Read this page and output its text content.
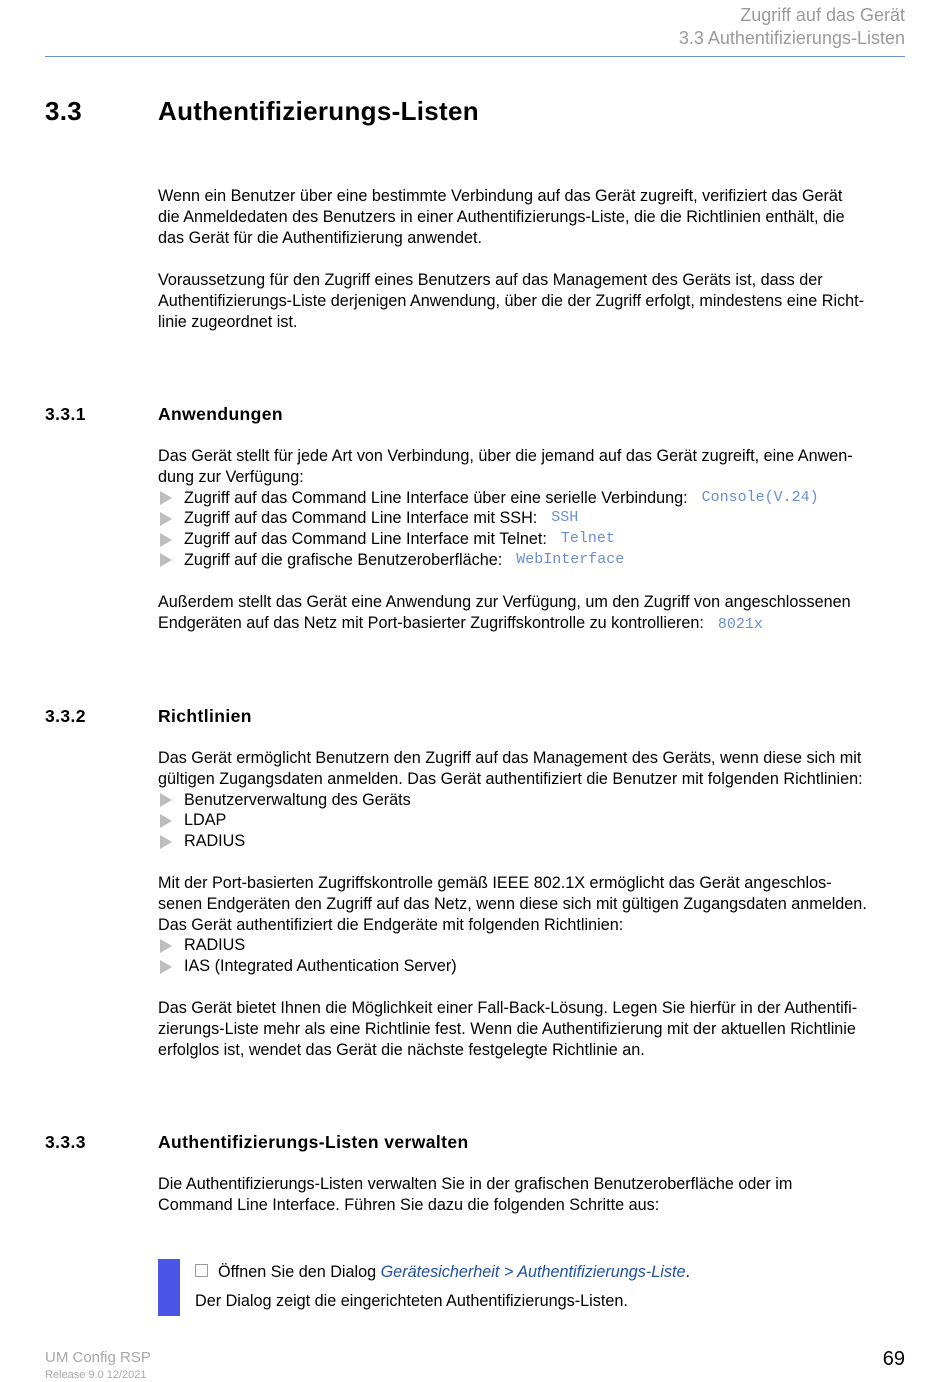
Zugriff auf das Gerät
3.3 Authentifizierungs-Listen
3.3	Authentifizierungs-Listen
Wenn ein Benutzer über eine bestimmte Verbindung auf das Gerät zugreift, verifiziert das Gerät
die Anmeldedaten des Benutzers in einer Authentifizierungs-Liste, die die Richtlinien enthält, die
das Gerät für die Authentifizierung anwendet.
Voraussetzung für den Zugriff eines Benutzers auf das Management des Geräts ist, dass der
Authentifizierungs-Liste derjenigen Anwendung, über die der Zugriff erfolgt, mindestens eine Richt-
linie zugeordnet ist.
3.3.1	Anwendungen
Das Gerät stellt für jede Art von Verbindung, über die jemand auf das Gerät zugreift, eine Anwen-
dung zur Verfügung:
Zugriff auf das Command Line Interface über eine serielle Verbindung: Console(V.24)
Zugriff auf das Command Line Interface mit SSH: SSH
Zugriff auf das Command Line Interface mit Telnet: Telnet
Zugriff auf die grafische Benutzeroberfläche: WebInterface
Außerdem stellt das Gerät eine Anwendung zur Verfügung, um den Zugriff von angeschlossenen
Endgeräten auf das Netz mit Port-basierter Zugriffskontrolle zu kontrollieren: 8021x
3.3.2	Richtlinien
Das Gerät ermöglicht Benutzern den Zugriff auf das Management des Geräts, wenn diese sich mit
gültigen Zugangsdaten anmelden. Das Gerät authentifiziert die Benutzer mit folgenden Richtlinien:
Benutzerverwaltung des Geräts
LDAP
RADIUS
Mit der Port-basierten Zugriffskontrolle gemäß IEEE 802.1X ermöglicht das Gerät angeschlos-
senen Endgeräten den Zugriff auf das Netz, wenn diese sich mit gültigen Zugangsdaten anmelden.
Das Gerät authentifiziert die Endgeräte mit folgenden Richtlinien:
RADIUS
IAS (Integrated Authentication Server)
Das Gerät bietet Ihnen die Möglichkeit einer Fall-Back-Lösung. Legen Sie hierfür in der Authentifi-
zierungs-Liste mehr als eine Richtlinie fest. Wenn die Authentifizierung mit der aktuellen Richtlinie
erfolglos ist, wendet das Gerät die nächste festgelegte Richtlinie an.
3.3.3	Authentifizierungs-Listen verwalten
Die Authentifizierungs-Listen verwalten Sie in der grafischen Benutzeroberfläche oder im
Command Line Interface. Führen Sie dazu die folgenden Schritte aus:
Öffnen Sie den Dialog Gerätesicherheit > Authentifizierungs-Liste.
Der Dialog zeigt die eingerichteten Authentifizierungs-Listen.
UM Config RSP
Release 9.0 12/2021
69
